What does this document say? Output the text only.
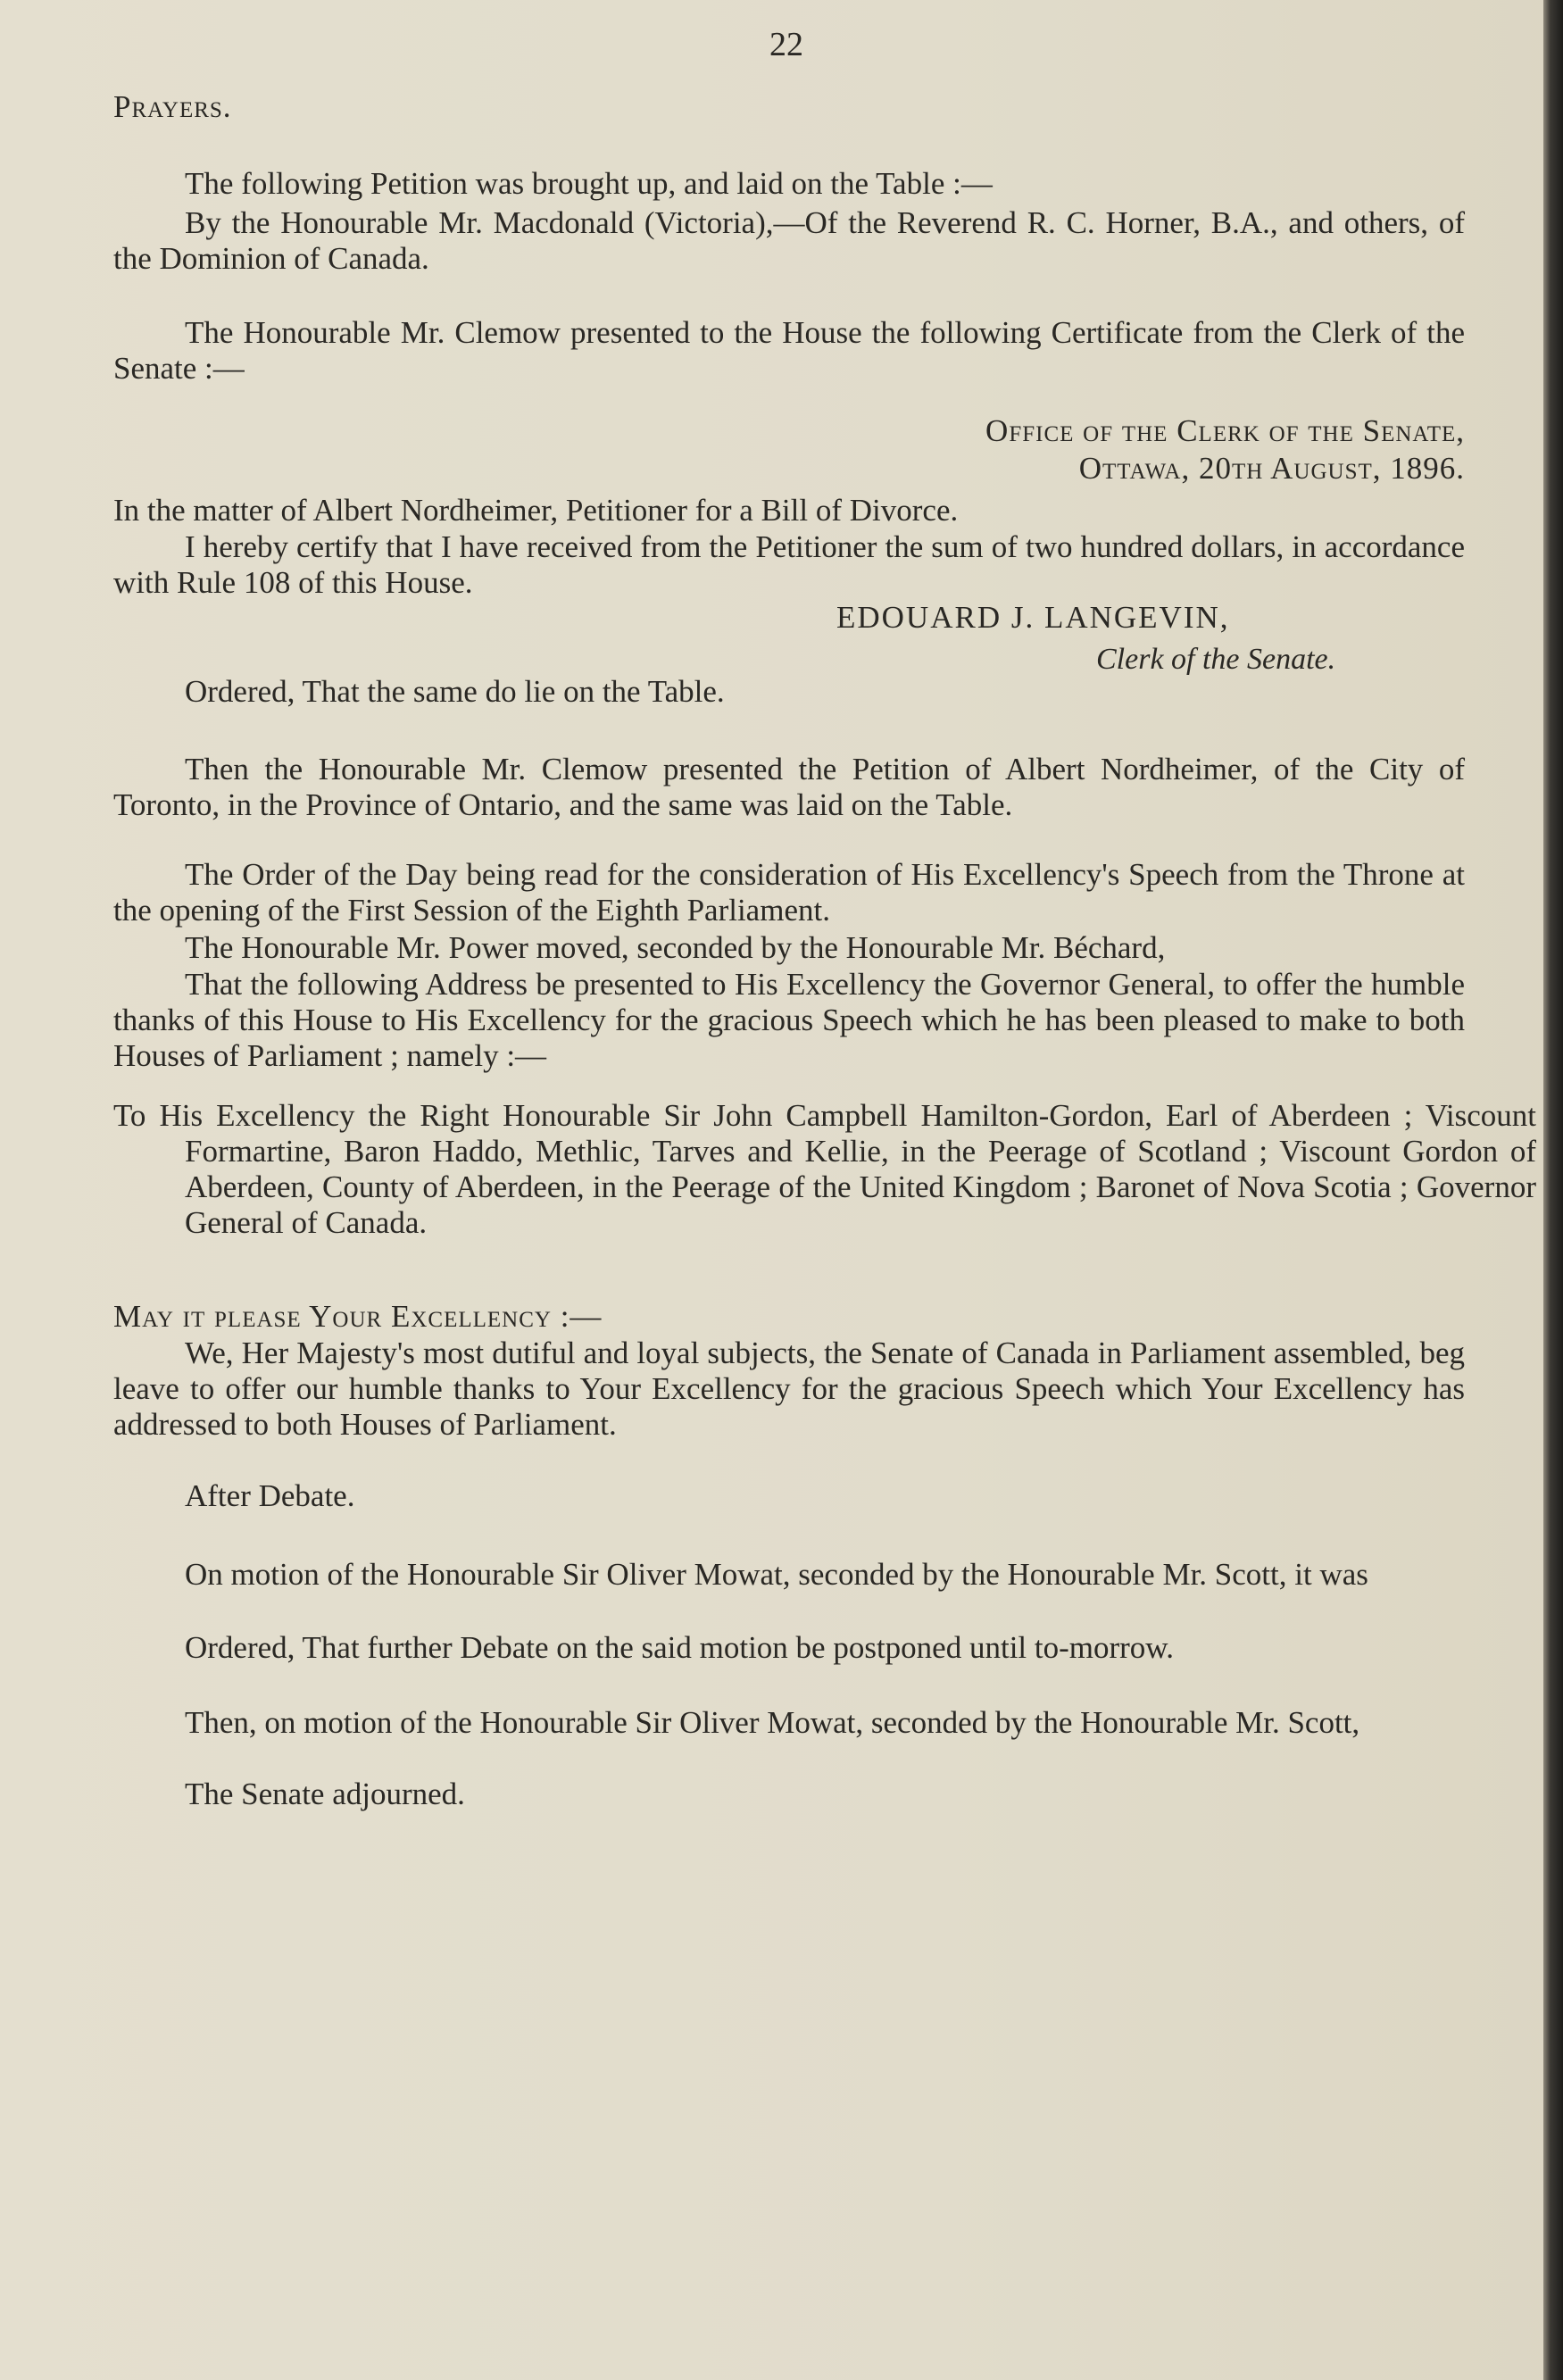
22

Prayers.

The following Petition was brought up, and laid on the Table :—

By the Honourable Mr. Macdonald (Victoria),—Of the Reverend R. C. Horner, B.A., and others, of the Dominion of Canada.

The Honourable Mr. Clemow presented to the House the following Certificate from the Clerk of the Senate :—

Office of the Clerk of the Senate,

Ottawa, 20th August, 1896.

In the matter of Albert Nordheimer, Petitioner for a Bill of Divorce.

I hereby certify that I have received from the Petitioner the sum of two hundred dollars, in accordance with Rule 108 of this House.

EDOUARD J. LANGEVIN,
Clerk of the Senate.

Ordered, That the same do lie on the Table.

Then the Honourable Mr. Clemow presented the Petition of Albert Nordheimer, of the City of Toronto, in the Province of Ontario, and the same was laid on the Table.

The Order of the Day being read for the consideration of His Excellency's Speech from the Throne at the opening of the First Session of the Eighth Parliament.

The Honourable Mr. Power moved, seconded by the Honourable Mr. Béchard,

That the following Address be presented to His Excellency the Governor General, to offer the humble thanks of this House to His Excellency for the gracious Speech which he has been pleased to make to both Houses of Parliament ; namely :—

To His Excellency the Right Honourable Sir John Campbell Hamilton-Gordon, Earl of Aberdeen ; Viscount Formartine, Baron Haddo, Methlic, Tarves and Kellie, in the Peerage of Scotland ; Viscount Gordon of Aberdeen, County of Aberdeen, in the Peerage of the United Kingdom ; Baronet of Nova Scotia ; Governor General of Canada.

May it please Your Excellency :—

We, Her Majesty's most dutiful and loyal subjects, the Senate of Canada in Parliament assembled, beg leave to offer our humble thanks to Your Excellency for the gracious Speech which Your Excellency has addressed to both Houses of Parliament.

After Debate.

On motion of the Honourable Sir Oliver Mowat, seconded by the Honourable Mr. Scott, it was

Ordered, That further Debate on the said motion be postponed until to-morrow.

Then, on motion of the Honourable Sir Oliver Mowat, seconded by the Honourable Mr. Scott,

The Senate adjourned.
